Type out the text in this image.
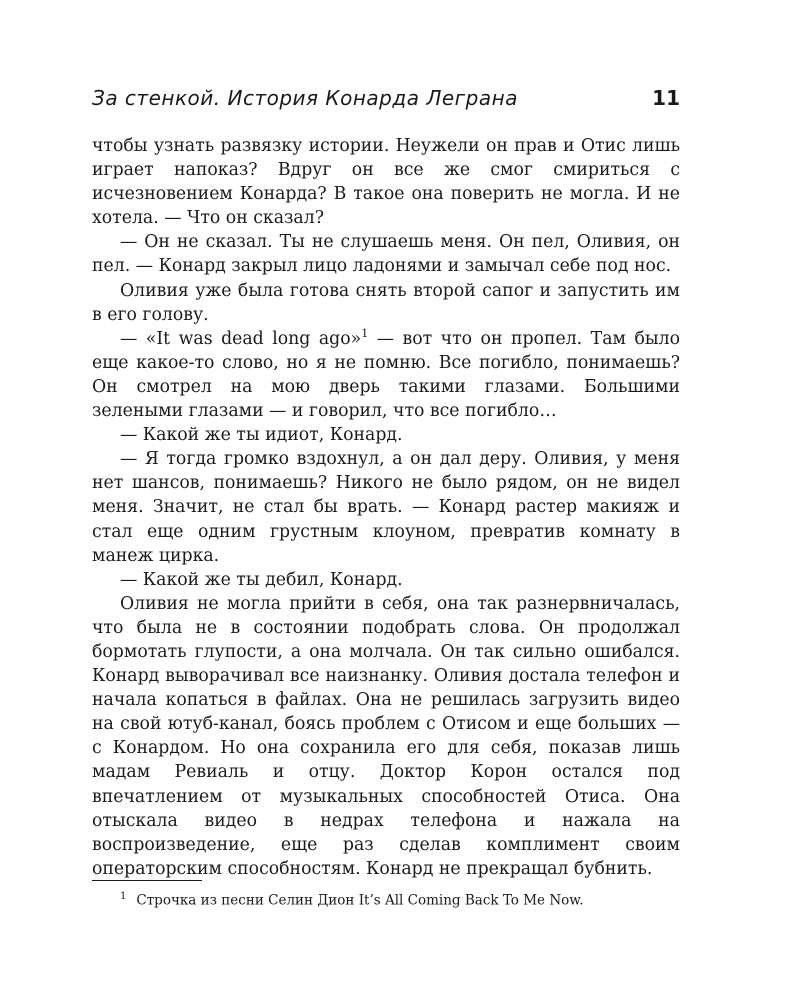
За стенкой. История Конарда Леграна	11

чтобы узнать развязку истории. Неужели он прав и Отис лишь играет напоказ? Вдруг он все же смог смириться с исчезновением Конарда? В такое она поверить не могла. И не хотела. — Что он сказал?

— Он не сказал. Ты не слушаешь меня. Он пел, Оливия, он пел. — Конард закрыл лицо ладонями и замычал себе под нос.

Оливия уже была готова снять второй сапог и запустить им в его голову.

— «It was dead long ago»$^1$ — вот что он пропел. Там было еще какое-то слово, но я не помню. Все погибло, понимаешь? Он смотрел на мою дверь такими глазами. Большими зелеными глазами — и говорил, что все погибло…

— Какой же ты идиот, Конард.

— Я тогда громко вздохнул, а он дал деру. Оливия, у меня нет шансов, понимаешь? Никого не было рядом, он не видел меня. Значит, не стал бы врать. — Конард растер макияж и стал еще одним грустным клоуном, превратив комнату в манеж цирка.

— Какой же ты дебил, Конард.

Оливия не могла прийти в себя, она так разнервничалась, что была не в состоянии подобрать слова. Он продолжал бормотать глупости, а она молчала. Он так сильно ошибался. Конард выворачивал все наизнанку. Оливия достала телефон и начала копаться в файлах. Она не решилась загрузить видео на свой ютуб-канал, боясь проблем с Отисом и еще больших — с Конардом. Но она сохранила его для себя, показав лишь мадам Ревиаль и отцу. Доктор Корон остался под впечатлением от музыкальных способностей Отиса. Она отыскала видео в недрах телефона и нажала на воспроизведение, еще раз сделав комплимент своим операторским способностям. Конард не прекращал бубнить.

$^1$ Строчка из песни Селин Дион It’s All Coming Back To Me Now.
